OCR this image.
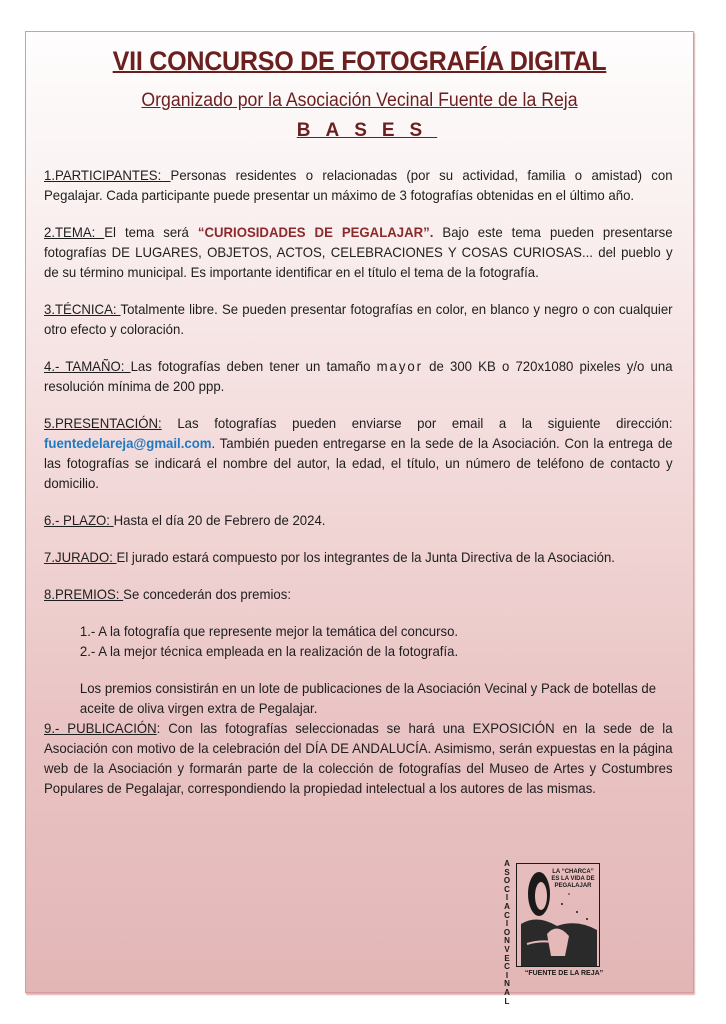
VII CONCURSO DE FOTOGRAFÍA DIGITAL
Organizado por la Asociación Vecinal Fuente de la Reja
BASES

1.PARTICIPANTES: Personas residentes o relacionadas (por su actividad, familia o amistad) con Pegalajar. Cada participante puede presentar un máximo de 3 fotografías obtenidas en el último año.

2.TEMA: El tema será “CURIOSIDADES DE PEGALAJAR”. Bajo este tema pueden presentarse fotografías DE LUGARES, OBJETOS, ACTOS, CELEBRACIONES Y COSAS CURIOSAS... del pueblo y de su término municipal. Es importante identificar en el título el tema de la fotografía.

3.TÉCNICA: Totalmente libre. Se pueden presentar fotografías en color, en blanco y negro o con cualquier otro efecto y coloración.

4.- TAMAÑO: Las fotografías deben tener un tamaño mayor de 300 KB o 720x1080 pixeles y/o una resolución mínima de 200 ppp.

5.PRESENTACIÓN: Las fotografías pueden enviarse por email a la siguiente dirección: fuentedelareja@gmail.com. También pueden entregarse en la sede de la Asociación. Con la entrega de las fotografías se indicará el nombre del autor, la edad, el título, un número de teléfono de contacto y domicilio.

6.- PLAZO: Hasta el día 20 de Febrero de 2024.

7.JURADO: El jurado estará compuesto por los integrantes de la Junta Directiva de la Asociación.

8.PREMIOS: Se concederán dos premios:

1.- A la fotografía que represente mejor la temática del concurso.

2.- A la mejor técnica empleada en la realización de la fotografía.

Los premios consistirán en un lote de publicaciones de la Asociación Vecinal y Pack de botellas de aceite de oliva virgen extra de Pegalajar.

9.- PUBLICACIÓN: Con las fotografías seleccionadas se hará una EXPOSICIÓN en la sede de la Asociación con motivo de la celebración del DÍA DE ANDALUCÍA. Asimismo, serán expuestas en la página web de la Asociación y formarán parte de la colección de fotografías del Museo de Artes y Costumbres Populares de Pegalajar, correspondiendo la propiedad intelectual a los autores de las mismas.

A
S
O
C
I
A
C
I
O
N
V
E
C
I
N
A
L
LA “CHARCA” ES LA VIDA DE PEGALAJAR
“FUENTE DE LA REJA”
